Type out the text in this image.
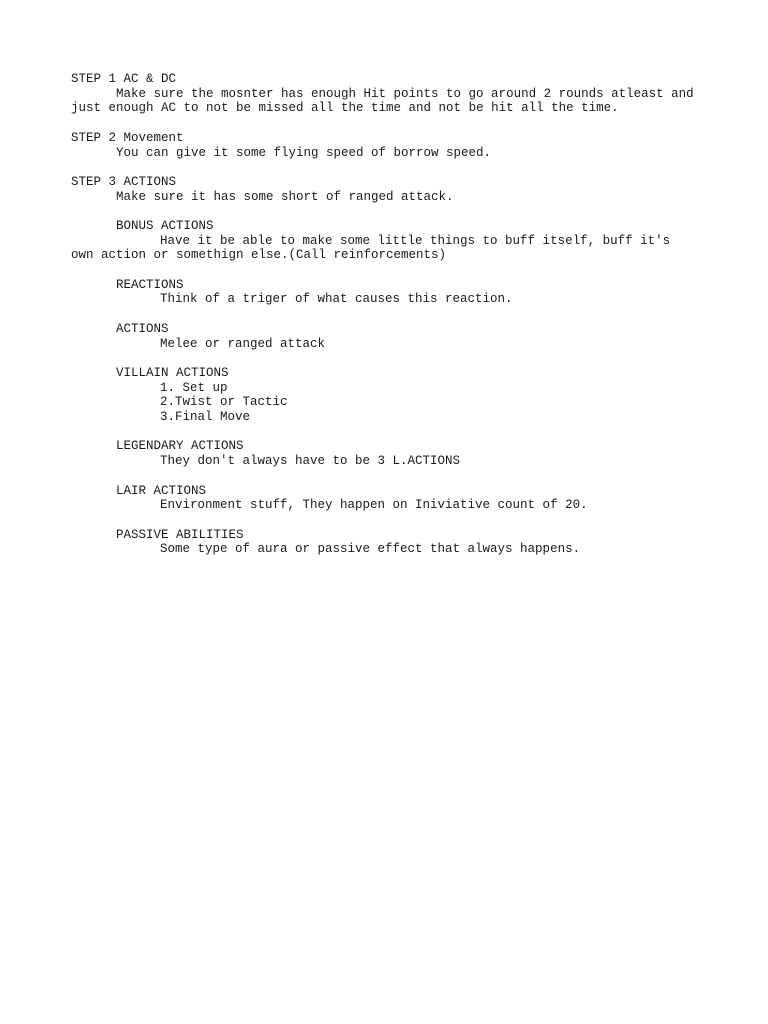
STEP 1 AC & DC
Make sure the mosnter has enough Hit points to go around 2 rounds atleast and
just enough AC to not be missed all the time and not be hit all the time.
STEP 2 Movement
You can give it some flying speed of borrow speed.
STEP 3 ACTIONS
Make sure it has some short of ranged attack.
BONUS ACTIONS
Have it be able to make some little things to buff itself, buff it's
own action or somethign else.(Call reinforcements)
REACTIONS
Think of a triger of what causes this reaction.
ACTIONS
Melee or ranged attack
VILLAIN ACTIONS
1. Set up
2.Twist or Tactic
3.Final Move
LEGENDARY ACTIONS
They don't always have to be 3 L.ACTIONS
LAIR ACTIONS
Environment stuff, They happen on Iniviative count of 20.
PASSIVE ABILITIES
Some type of aura or passive effect that always happens.
